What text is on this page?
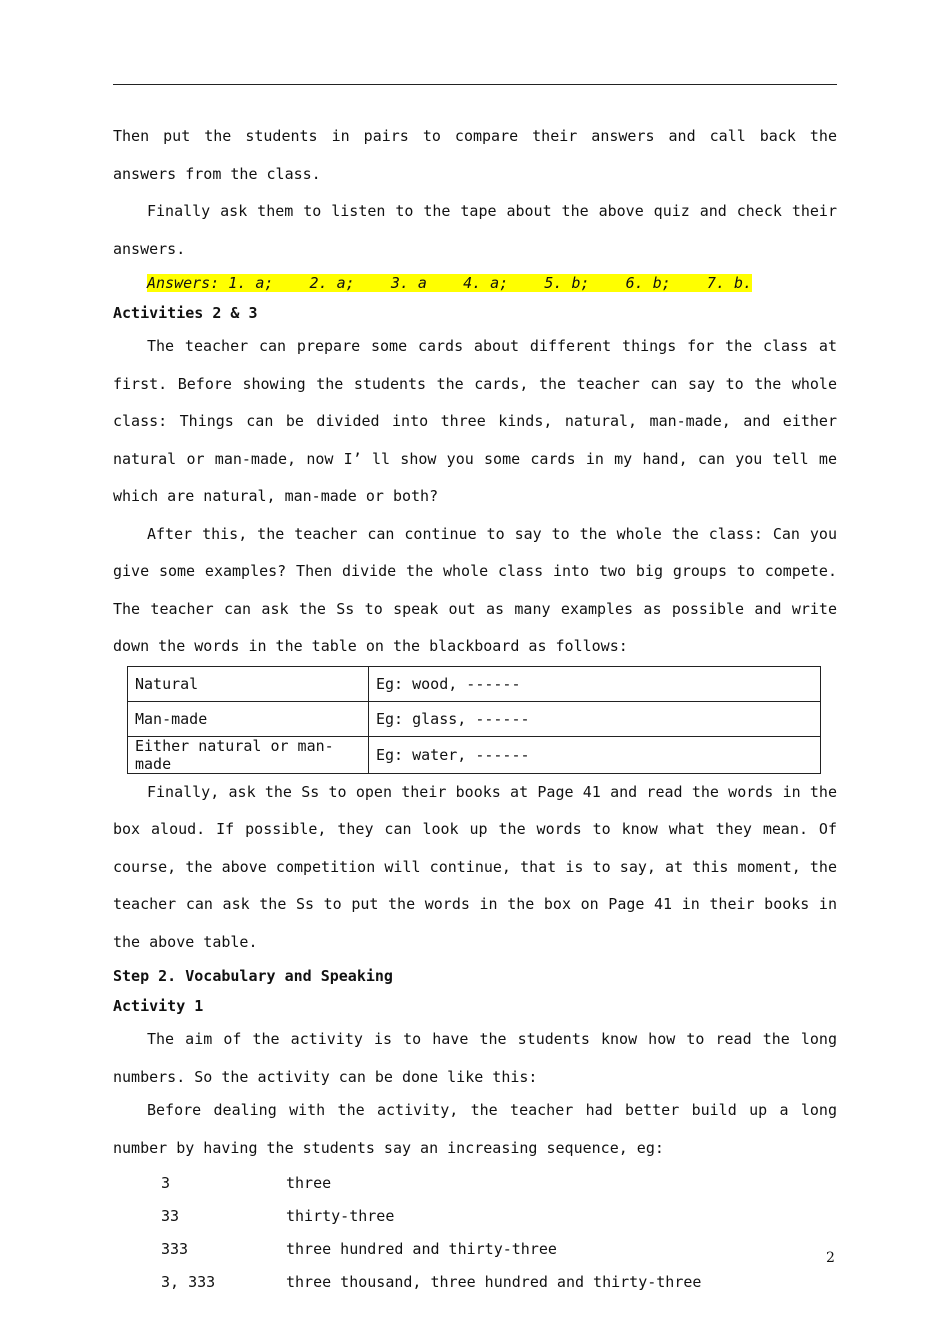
Then put the students in pairs to compare their answers and call back the answers from the class.

Finally ask them to listen to the tape about the above quiz and check their answers.

Answers: 1. a;    2. a;    3. a    4. a;    5. b;    6. b;    7. b.

Activities 2 & 3

The teacher can prepare some cards about different things for the class at first. Before showing the students the cards, the teacher can say to the whole class: Things can be divided into three kinds, natural, man-made, and either natural or man-made, now I’ ll show you some cards in my hand, can you tell me which are natural, man-made or both?

After this, the teacher can continue to say to the whole the class: Can you give some examples? Then divide the whole class into two big groups to compete. The teacher can ask the Ss to speak out as many examples as possible and write down the words in the table on the blackboard as follows:

Natural	Eg: wood, ------
Man-made	Eg: glass, ------
Either natural or man-made	Eg: water, ------

Finally, ask the Ss to open their books at Page 41 and read the words in the box aloud. If possible, they can look up the words to know what they mean. Of course, the above competition will continue, that is to say, at this moment, the teacher can ask the Ss to put the words in the box on Page 41 in their books in the above table.

Step 2. Vocabulary and Speaking

Activity 1

The aim of the activity is to have the students know how to read the long numbers. So the activity can be done like this:

Before dealing with the activity, the teacher had better build up a long number by having the students say an increasing sequence, eg:

3	three

33	thirty-three

333	three hundred and thirty-three

3, 333	three thousand, three hundred and thirty-three

2
